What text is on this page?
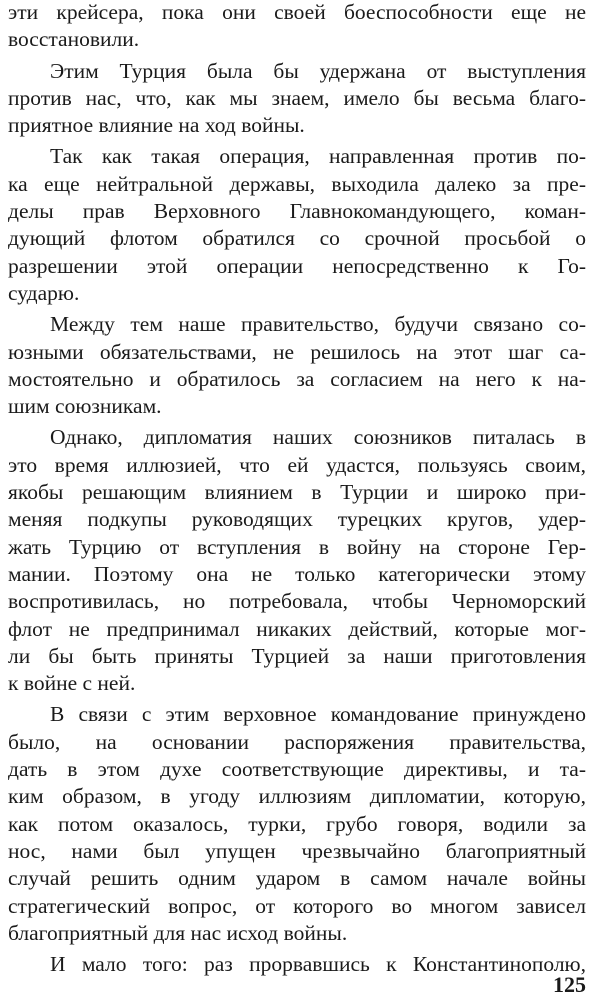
эти крейсера, пока они своей боеспособности еще не
восстановили.
Этим Турция была бы удержана от выступления
против нас, что, как мы знаем, имело бы весьма благо-
приятное влияние на ход войны.
Так как такая операция, направленная против по-
ка еще нейтральной державы, выходила далеко за пре-
делы прав Верховного Главнокомандующего, коман-
дующий флотом обратился со срочной просьбой о
разрешении этой операции непосредственно к Го-
сударю.
Между тем наше правительство, будучи связано со-
юзными обязательствами, не решилось на этот шаг са-
мостоятельно и обратилось за согласием на него к на-
шим союзникам.
Однако, дипломатия наших союзников питалась в
это время иллюзией, что ей удастся, пользуясь своим,
якобы решающим влиянием в Турции и широко при-
меняя подкупы руководящих турецких кругов, удер-
жать Турцию от вступления в войну на стороне Гер-
мании. Поэтому она не только категорически этому
воспротивилась, но потребовала, чтобы Черноморский
флот не предпринимал никаких действий, которые мог-
ли бы быть приняты Турцией за наши приготовления
к войне с ней.
В связи с этим верховное командование принуждено
было, на основании распоряжения правительства,
дать в этом духе соответствующие директивы, и та-
ким образом, в угоду иллюзиям дипломатии, которую,
как потом оказалось, турки, грубо говоря, водили за
нос, нами был упущен чрезвычайно благоприятный
случай решить одним ударом в самом начале войны
стратегический вопрос, от которого во многом зависел
благоприятный для нас исход войны.
И мало того: раз прорвавшись к Константинополю,
125
